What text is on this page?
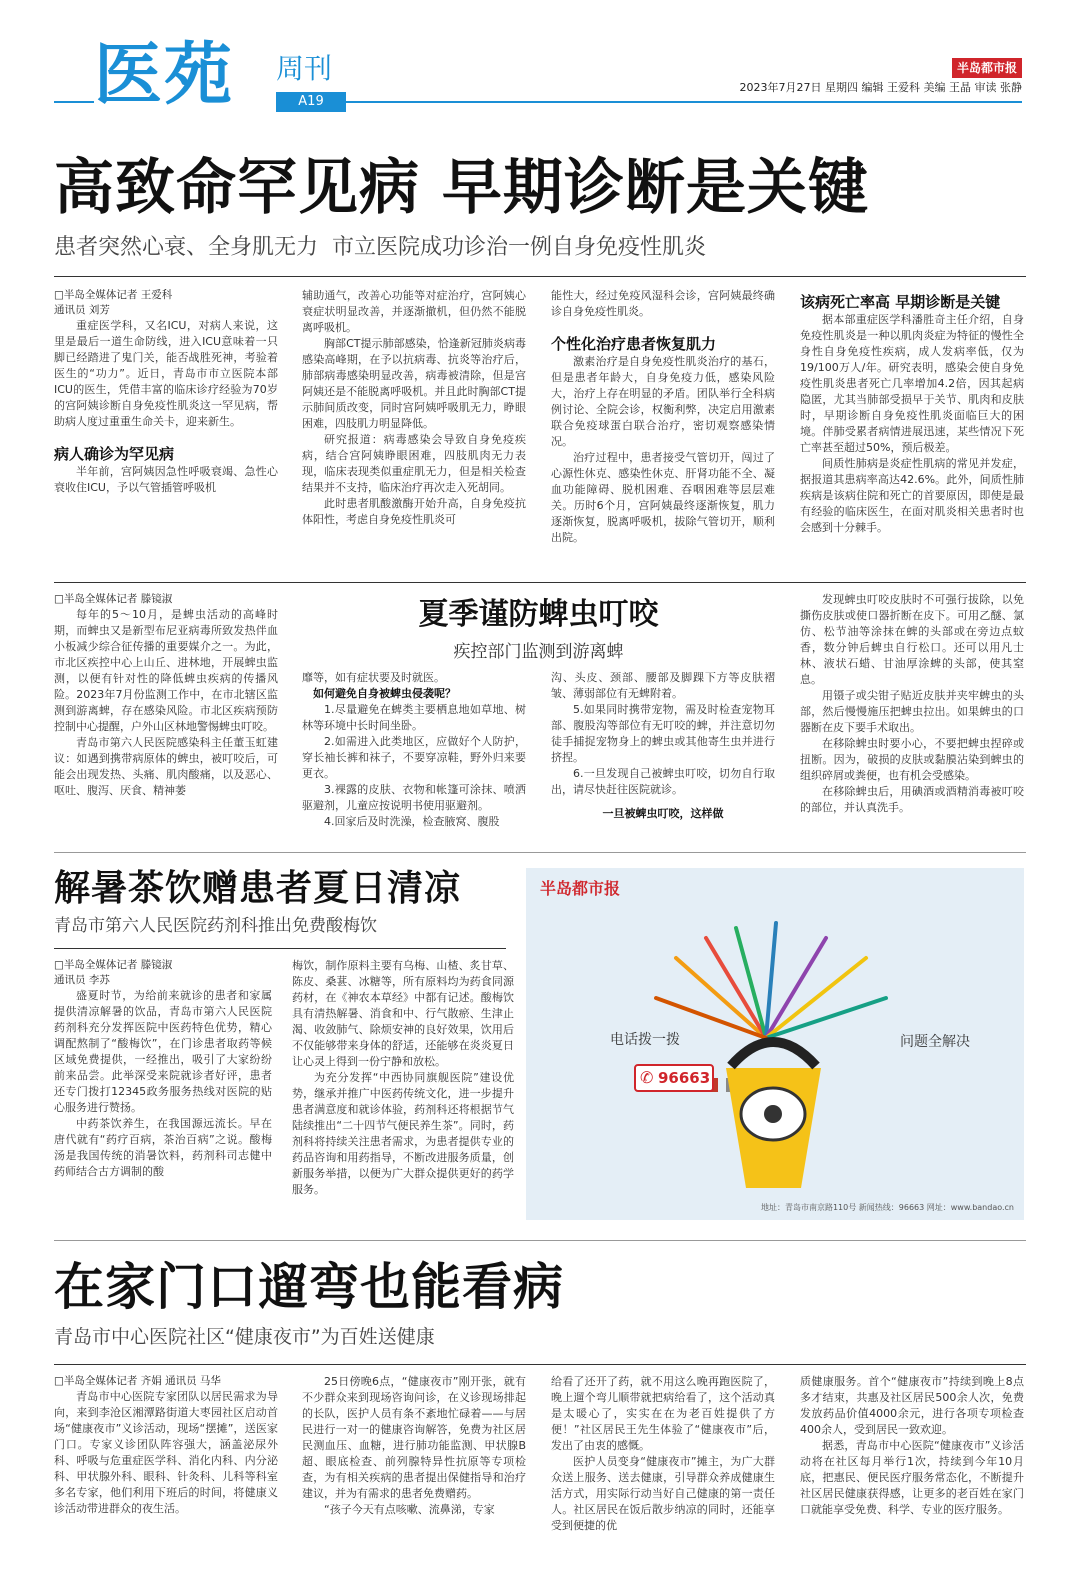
医苑 周刊
A19
半岛都市报
2023年7月27日 星期四 编辑 王爱科 美编 王晶 审读 张静
高致命罕见病 早期诊断是关键
患者突然心衰、全身肌无力  市立医院成功诊治一例自身免疫性肌炎

□半岛全媒体记者 王爱科
通讯员 刘芳

重症医学科，又名ICU，对病人来说，这里是最后一道生命防线，进入ICU意味着一只脚已经踏进了鬼门关，能否战胜死神，考验着医生的“功力”。近日，青岛市市立医院本部ICU的医生，凭借丰富的临床诊疗经验为70岁的宫阿姨诊断自身免疫性肌炎这一罕见病，帮助病人度过重重生命关卡，迎来新生。

病人确诊为罕见病

半年前，宫阿姨因急性呼吸衰竭、急性心衰收住ICU，予以气管插管呼吸机

辅助通气，改善心功能等对症治疗，宫阿姨心衰症状明显改善，并逐渐撤机，但仍然不能脱离呼吸机。

胸部CT提示肺部感染，恰逢新冠肺炎病毒感染高峰期，在予以抗病毒、抗炎等治疗后，肺部病毒感染明显改善，病毒被清除，但是宫阿姨还是不能脱离呼吸机。并且此时胸部CT提示肺间质改变，同时宫阿姨呼吸肌无力，睁眼困难，四肢肌力明显降低。

研究报道：病毒感染会导致自身免疫疾病，结合宫阿姨睁眼困难，四肢肌肉无力表现，临床表现类似重症肌无力，但是相关检查结果并不支持，临床治疗再次走入死胡同。

此时患者肌酸激酶开始升高，自身免疫抗体阳性，考虑自身免疫性肌炎可

能性大，经过免疫风湿科会诊，宫阿姨最终确诊自身免疫性肌炎。

个性化治疗患者恢复肌力

激素治疗是自身免疫性肌炎治疗的基石，但是患者年龄大，自身免疫力低，感染风险大，治疗上存在明显的矛盾。团队举行全科病例讨论、全院会诊，权衡利弊，决定启用激素联合免疫球蛋白联合治疗，密切观察感染情况。

治疗过程中，患者接受气管切开，闯过了心源性休克、感染性休克、肝肾功能不全、凝血功能障碍、脱机困难、吞咽困难等层层难关。历时6个月，宫阿姨最终逐渐恢复，肌力逐渐恢复，脱离呼吸机，拔除气管切开，顺利出院。

该病死亡率高 早期诊断是关键

据本部重症医学科潘胜奇主任介绍，自身免疫性肌炎是一种以肌肉炎症为特征的慢性全身性自身免疫性疾病，成人发病率低，仅为19/100万人/年。研究表明，感染会使自身免疫性肌炎患者死亡几率增加4.2倍，因其起病隐匿，尤其当肺部受损早于关节、肌肉和皮肤时，早期诊断自身免疫性肌炎面临巨大的困境。伴肺受累者病情进展迅速，某些情况下死亡率甚至超过50%，预后极差。

间质性肺病是炎症性肌病的常见并发症，据报道其患病率高达42.6%。此外，间质性肺疾病是该病住院和死亡的首要原因，即使是最有经验的临床医生，在面对肌炎相关患者时也会感到十分棘手。

□半岛全媒体记者 滕镜淑

每年的5～10月，是蜱虫活动的高峰时期，而蜱虫又是新型布尼亚病毒所致发热伴血小板减少综合征传播的重要媒介之一。为此，市北区疾控中心上山丘、进林地，开展蜱虫监测，以便有针对性的降低蜱虫疾病的传播风险。2023年7月份监测工作中，在市北辖区监测到游离蜱，存在感染风险。市北区疾病预防控制中心提醒，户外山区林地警惕蜱虫叮咬。

青岛市第六人民医院感染科主任董玉虹建议：如遇到携带病原体的蜱虫，被叮咬后，可能会出现发热、头痛、肌肉酸痛，以及恶心、呕吐、腹泻、厌食、精神萎

夏季谨防蜱虫叮咬
疾控部门监测到游离蜱

靡等，如有症状要及时就医。

如何避免自身被蜱虫侵袭呢？

1.尽量避免在蜱类主要栖息地如草地、树林等环境中长时间坐卧。

2.如需进入此类地区，应做好个人防护，穿长袖长裤和袜子，不要穿凉鞋，野外归来要更衣。

3.裸露的皮肤、衣物和帐篷可涂抹、喷洒驱避剂，儿童应按说明书使用驱避剂。

4.回家后及时洗澡，检查腋窝、腹股

沟、头皮、颈部、腰部及脚踝下方等皮肤褶皱、薄弱部位有无蜱附着。

5.如果同时携带宠物，需及时检查宠物耳部、腹股沟等部位有无叮咬的蜱，并注意切勿徒手捕捉宠物身上的蜱虫或其他寄生虫并进行挤捏。

6.一旦发现自己被蜱虫叮咬，切勿自行取出，请尽快赶往医院就诊。

一旦被蜱虫叮咬，这样做

发现蜱虫叮咬皮肤时不可强行拔除，以免撕伤皮肤或使口器折断在皮下。可用乙醚、氯仿、松节油等涂抹在蜱的头部或在旁边点蚊香，数分钟后蜱虫自行松口。还可以用凡士林、液状石蜡、甘油厚涂蜱的头部，使其窒息。

用镊子或尖钳子贴近皮肤并夹牢蜱虫的头部，然后慢慢施压把蜱虫拉出。如果蜱虫的口器断在皮下要手术取出。

在移除蜱虫时要小心，不要把蜱虫捏碎或扭断。因为，破损的皮肤或黏膜沾染到蜱虫的组织碎屑或粪便，也有机会受感染。

在移除蜱虫后，用碘酒或酒精消毒被叮咬的部位，并认真洗手。

解暑茶饮赠患者夏日清凉
青岛市第六人民医院药剂科推出免费酸梅饮

□半岛全媒体记者 滕镜淑
通讯员 李苏

盛夏时节，为给前来就诊的患者和家属提供清凉解暑的饮品，青岛市第六人民医院药剂科充分发挥医院中医药特色优势，精心调配熬制了“酸梅饮”，在门诊患者取药等候区域免费提供，一经推出，吸引了大家纷纷前来品尝。此举深受来院就诊者好评，患者还专门拨打12345政务服务热线对医院的贴心服务进行赞扬。

中药茶饮养生，在我国源远流长。早在唐代就有“药疗百病，茶治百病”之说。酸梅汤是我国传统的消暑饮料，药剂科司志健中药师结合古方调制的酸

梅饮，制作原料主要有乌梅、山楂、炙甘草、陈皮、桑葚、冰糖等，所有原料均为药食同源药材，在《神农本草经》中都有记述。酸梅饮具有清热解暑、消食和中、行气散瘀、生津止渴、收敛肺气、除烦安神的良好效果，饮用后不仅能够带来身体的舒适，还能够在炎炎夏日让心灵上得到一份宁静和放松。

为充分发挥“中西协同旗舰医院”建设优势，继承并推广中医药传统文化，进一步提升患者满意度和就诊体验，药剂科还将根据节气陆续推出“二十四节气便民养生茶”。同时，药剂科将持续关注患者需求，为患者提供专业的药品咨询和用药指导，不断改进服务质量，创新服务举措，以便为广大群众提供更好的药学服务。

半岛都市报
电话拨一拨	问题全解决
✆ 96663
地址：青岛市南京路110号 新闻热线：96663 网址：www.bandao.cn
在家门口遛弯也能看病
青岛市中心医院社区“健康夜市”为百姓送健康

□半岛全媒体记者 齐娟 通讯员 马华

青岛市中心医院专家团队以居民需求为导向，来到李沧区湘潭路街道大枣园社区启动首场“健康夜市”义诊活动，现场“摆摊”，送医家门口。专家义诊团队阵容强大，涵盖泌尿外科、呼吸与危重症医学科、消化内科、内分泌科、甲状腺外科、眼科、针灸科、儿科等科室多名专家，他们利用下班后的时间，将健康义诊活动带进群众的夜生活。

25日傍晚6点，“健康夜市”刚开张，就有不少群众来到现场咨询问诊，在义诊现场排起的长队，医护人员有条不紊地忙碌着——与居民进行一对一的健康咨询解答，免费为社区居民测血压、血糖，进行肺功能监测、甲状腺B超、眼底检查、前列腺特异性抗原等专项检查，为有相关疾病的患者提出保健指导和治疗建议，并为有需求的患者免费赠药。

“孩子今天有点咳嗽、流鼻涕，专家

给看了还开了药，就不用这么晚再跑医院了，晚上遛个弯儿顺带就把病给看了，这个活动真是太暖心了，实实在在为老百姓提供了方便！”社区居民王先生体验了“健康夜市”后，发出了由衷的感慨。

医护人员变身“健康夜市”摊主，为广大群众送上服务、送去健康，引导群众养成健康生活方式，用实际行动当好自己健康的第一责任人。社区居民在饭后散步纳凉的同时，还能享受到便捷的优

质健康服务。首个“健康夜市”持续到晚上8点多才结束，共惠及社区居民500余人次，免费发放药品价值4000余元，进行各项专项检查400余人，受到居民一致欢迎。

据悉，青岛市中心医院“健康夜市”义诊活动将在社区每月举行1次，持续到今年10月底，把惠民、便民医疗服务常态化，不断提升社区居民健康获得感，让更多的老百姓在家门口就能享受免费、科学、专业的医疗服务。
